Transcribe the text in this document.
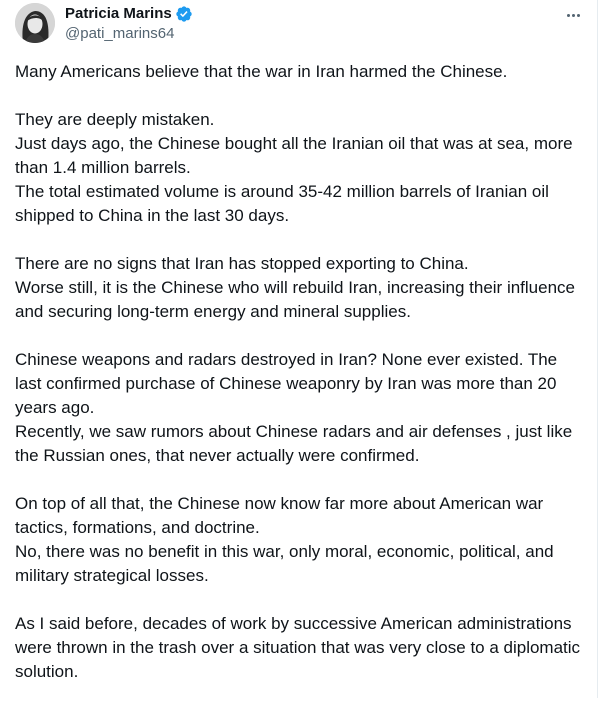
Patricia Marins
@pati_marins64
Many Americans believe that the war in Iran harmed the Chinese.
They are deeply mistaken.
Just days ago, the Chinese bought all the Iranian oil that was at sea, more
than 1.4 million barrels.
The total estimated volume is around 35-42 million barrels of Iranian oil
shipped to China in the last 30 days.
There are no signs that Iran has stopped exporting to China.
Worse still, it is the Chinese who will rebuild Iran, increasing their influence
and securing long-term energy and mineral supplies.
Chinese weapons and radars destroyed in Iran? None ever existed. The
last confirmed purchase of Chinese weaponry by Iran was more than 20
years ago.
Recently, we saw rumors about Chinese radars and air defenses , just like
the Russian ones, that never actually were confirmed.
On top of all that, the Chinese now know far more about American war
tactics, formations, and doctrine.
No, there was no benefit in this war, only moral, economic, political, and
military strategical losses.
As I said before, decades of work by successive American administrations
were thrown in the trash over a situation that was very close to a diplomatic
solution.
